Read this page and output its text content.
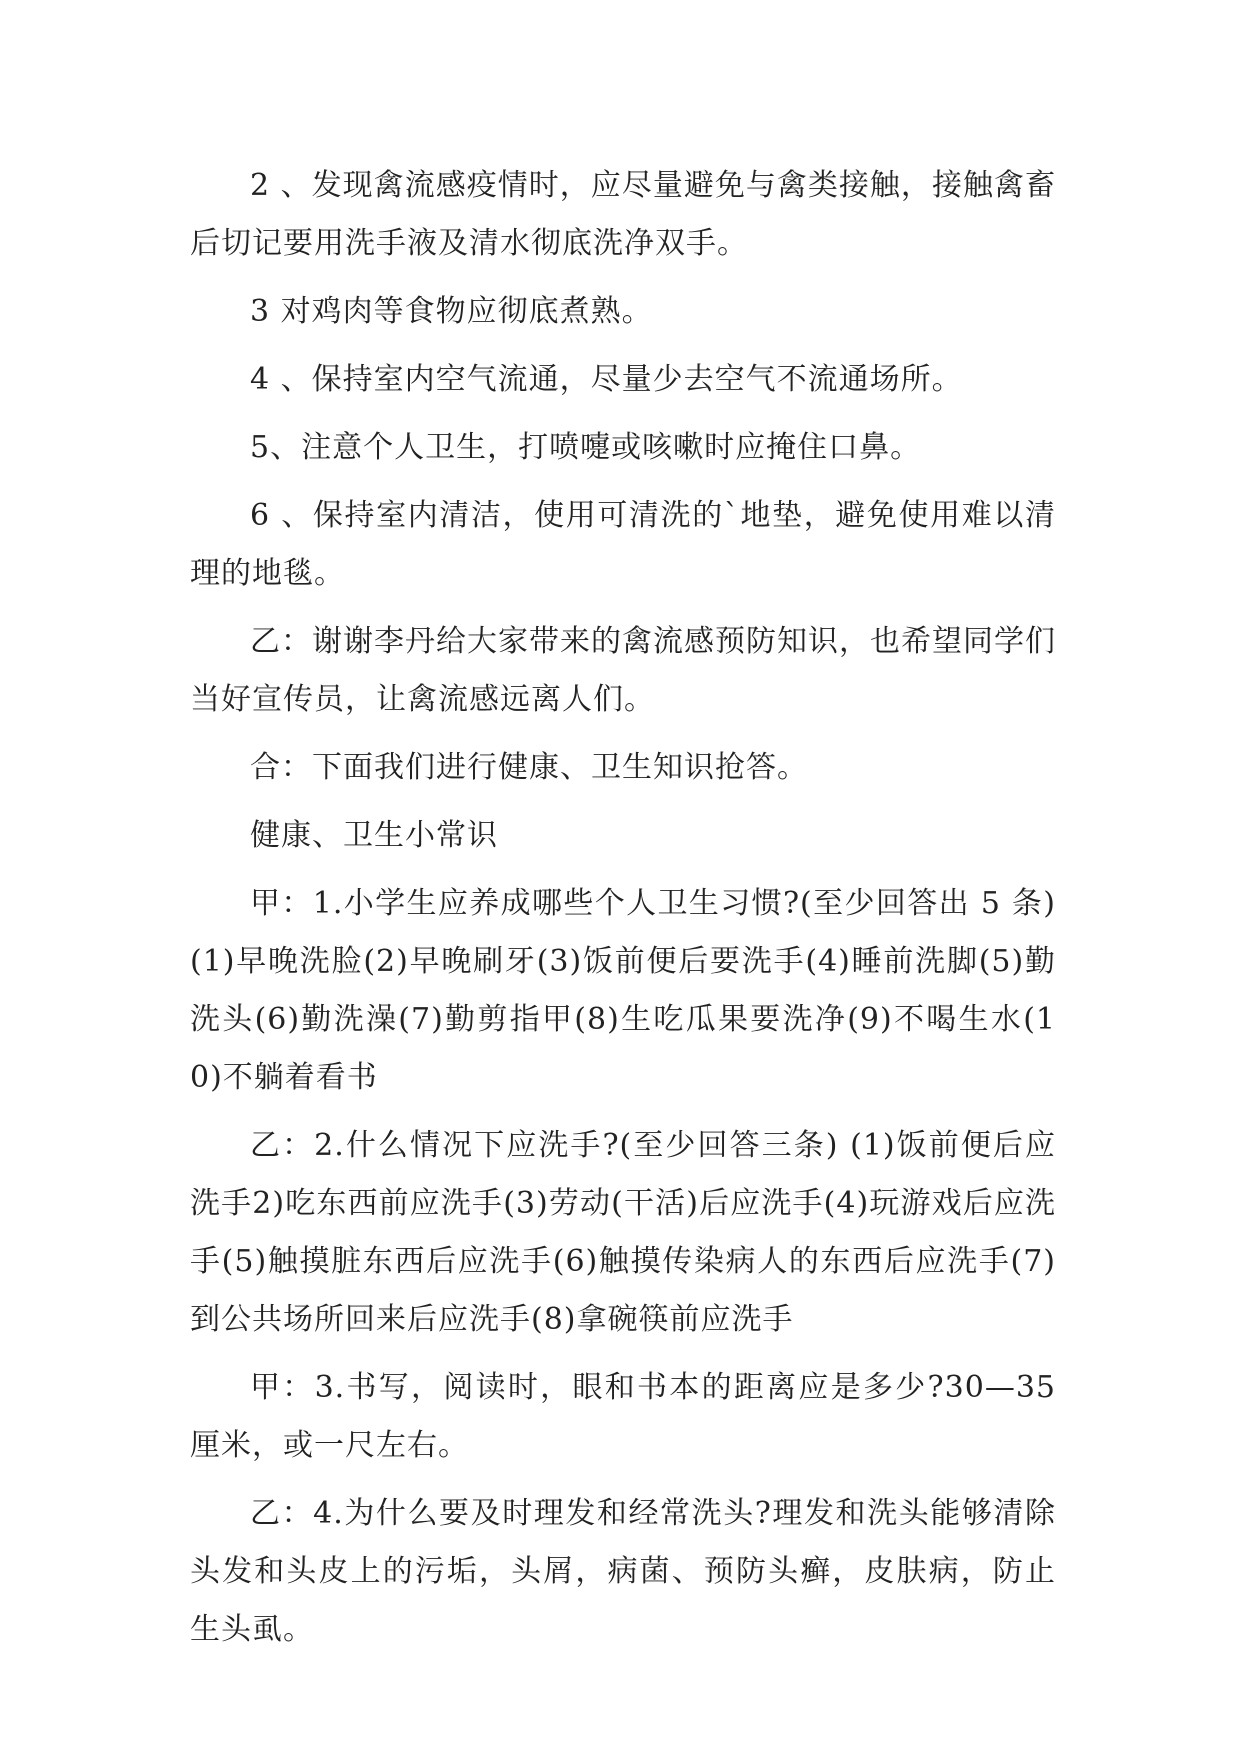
2 、发现禽流感疫情时，应尽量避免与禽类接触，接触禽畜后切记要用洗手液及清水彻底洗净双手。

3 对鸡肉等食物应彻底煮熟。

4 、保持室内空气流通，尽量少去空气不流通场所。

5、注意个人卫生，打喷嚏或咳嗽时应掩住口鼻。

6 、保持室内清洁，使用可清洗的`地垫，避免使用难以清理的地毯。

乙：谢谢李丹给大家带来的禽流感预防知识，也希望同学们当好宣传员，让禽流感远离人们。

合：下面我们进行健康、卫生知识抢答。

健康、卫生小常识

甲：1.小学生应养成哪些个人卫生习惯?(至少回答出 5 条) (1)早晚洗脸(2)早晚刷牙(3)饭前便后要洗手(4)睡前洗脚(5)勤洗头(6)勤洗澡(7)勤剪指甲(8)生吃瓜果要洗净(9)不喝生水(10)不躺着看书

乙：2.什么情况下应洗手?(至少回答三条) (1)饭前便后应洗手2)吃东西前应洗手(3)劳动(干活)后应洗手(4)玩游戏后应洗手(5)触摸脏东西后应洗手(6)触摸传染病人的东西后应洗手(7)到公共场所回来后应洗手(8)拿碗筷前应洗手

甲：3.书写，阅读时，眼和书本的距离应是多少?30—35 厘米，或一尺左右。

乙：4.为什么要及时理发和经常洗头?理发和洗头能够清除头发和头皮上的污垢，头屑，病菌、预防头癣，皮肤病，防止生头虱。
